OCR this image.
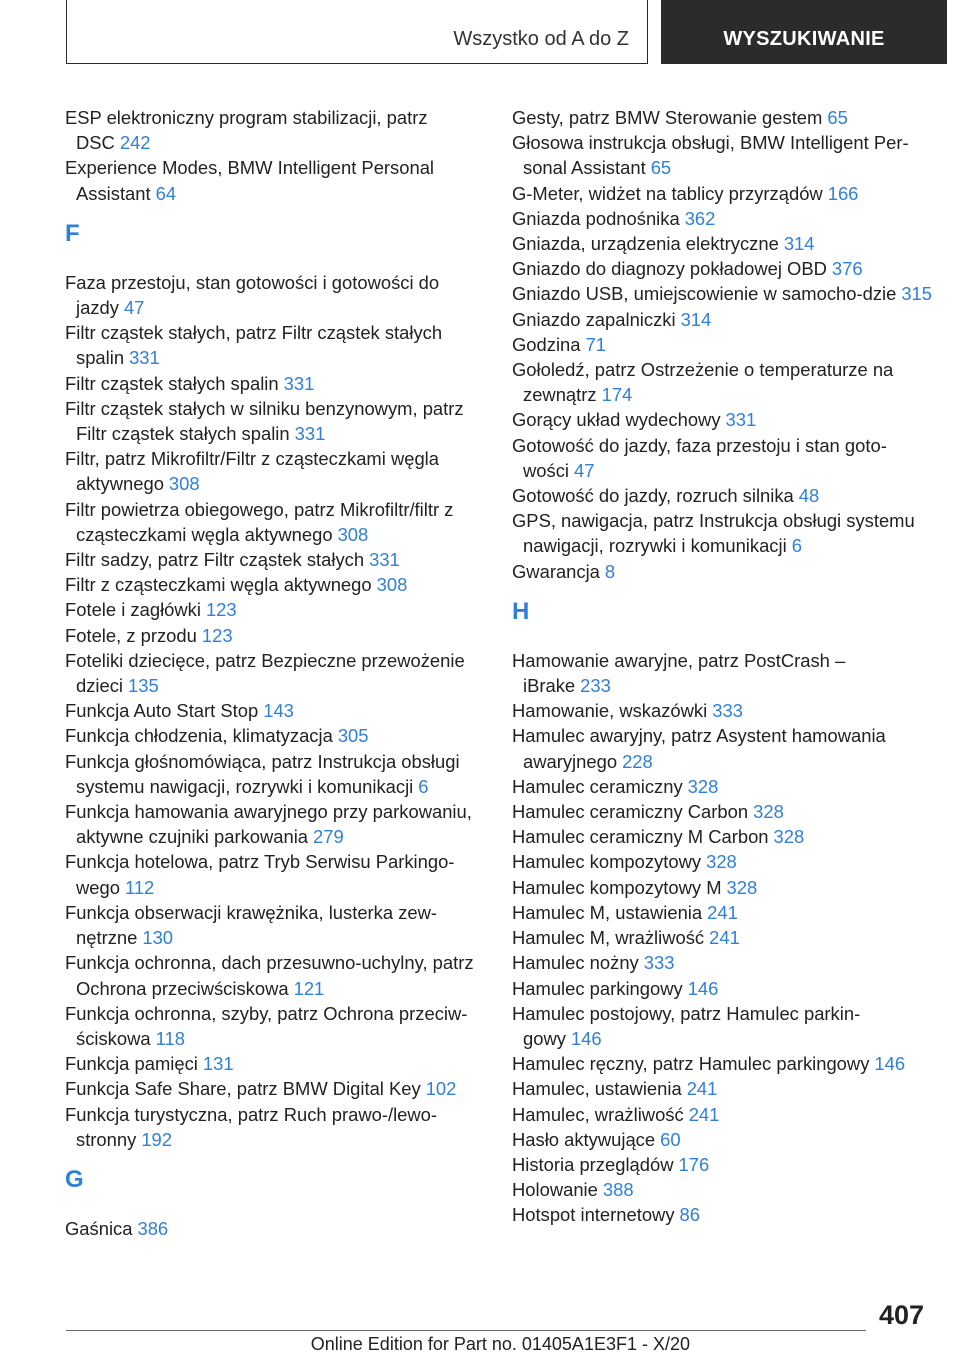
Wszystko od A do Z	WYSZUKIWANIE
ESP elektroniczny program stabilizacji, patrz DSC 242
Experience Modes, BMW Intelligent Personal Assistant 64
F
Faza przestoju, stan gotowości i gotowości do jazdy 47
Filtr cząstek stałych, patrz Filtr cząstek stałych spalin 331
Filtr cząstek stałych spalin 331
Filtr cząstek stałych w silniku benzynowym, patrz Filtr cząstek stałych spalin 331
Filtr, patrz Mikrofiltr/Filtr z cząsteczkami węgla aktywnego 308
Filtr powietrza obiegowego, patrz Mikrofiltr/filtr z cząsteczkami węgla aktywnego 308
Filtr sadzy, patrz Filtr cząstek stałych 331
Filtr z cząsteczkami węgla aktywnego 308
Fotele i zagłówki 123
Fotele, z przodu 123
Foteliki dziecięce, patrz Bezpieczne przewożenie dzieci 135
Funkcja Auto Start Stop 143
Funkcja chłodzenia, klimatyzacja 305
Funkcja głośnomówiąca, patrz Instrukcja obsługi systemu nawigacji, rozrywki i komunikacji 6
Funkcja hamowania awaryjnego przy parkowaniu, aktywne czujniki parkowania 279
Funkcja hotelowa, patrz Tryb Serwisu Parkingo‐wego 112
Funkcja obserwacji krawężnika, lusterka zew‐nętrzne 130
Funkcja ochronna, dach przesuwno-uchylny, patrz Ochrona przeciwściskowa 121
Funkcja ochronna, szyby, patrz Ochrona przeciw‐ściskowa 118
Funkcja pamięci 131
Funkcja Safe Share, patrz BMW Digital Key 102
Funkcja turystyczna, patrz Ruch prawo-/lewo‐stronny 192
G
Gaśnica 386
Gesty, patrz BMW Sterowanie gestem 65
Głosowa instrukcja obsługi, BMW Intelligent Per‐sonal Assistant 65
G-Meter, widżet na tablicy przyrządów 166
Gniazda podnośnika 362
Gniazda, urządzenia elektryczne 314
Gniazdo do diagnozy pokładowej OBD 376
Gniazdo USB, umiejscowienie w samocho‐dzie 315
Gniazdo zapalniczki 314
Godzina 71
Gołoledź, patrz Ostrzeżenie o temperaturze na zewnątrz 174
Gorący układ wydechowy 331
Gotowość do jazdy, faza przestoju i stan goto‐wości 47
Gotowość do jazdy, rozruch silnika 48
GPS, nawigacja, patrz Instrukcja obsługi systemu nawigacji, rozrywki i komunikacji 6
Gwarancja 8
H
Hamowanie awaryjne, patrz PostCrash – iBrake 233
Hamowanie, wskazówki 333
Hamulec awaryjny, patrz Asystent hamowania awaryjnego 228
Hamulec ceramiczny 328
Hamulec ceramiczny Carbon 328
Hamulec ceramiczny M Carbon 328
Hamulec kompozytowy 328
Hamulec kompozytowy M 328
Hamulec M, ustawienia 241
Hamulec M, wrażliwość 241
Hamulec nożny 333
Hamulec parkingowy 146
Hamulec postojowy, patrz Hamulec parkin‐gowy 146
Hamulec ręczny, patrz Hamulec parkingowy 146
Hamulec, ustawienia 241
Hamulec, wrażliwość 241
Hasło aktywujące 60
Historia przeglądów 176
Holowanie 388
Hotspot internetowy 86
407
Online Edition for Part no. 01405A1E3F1 - X/20
